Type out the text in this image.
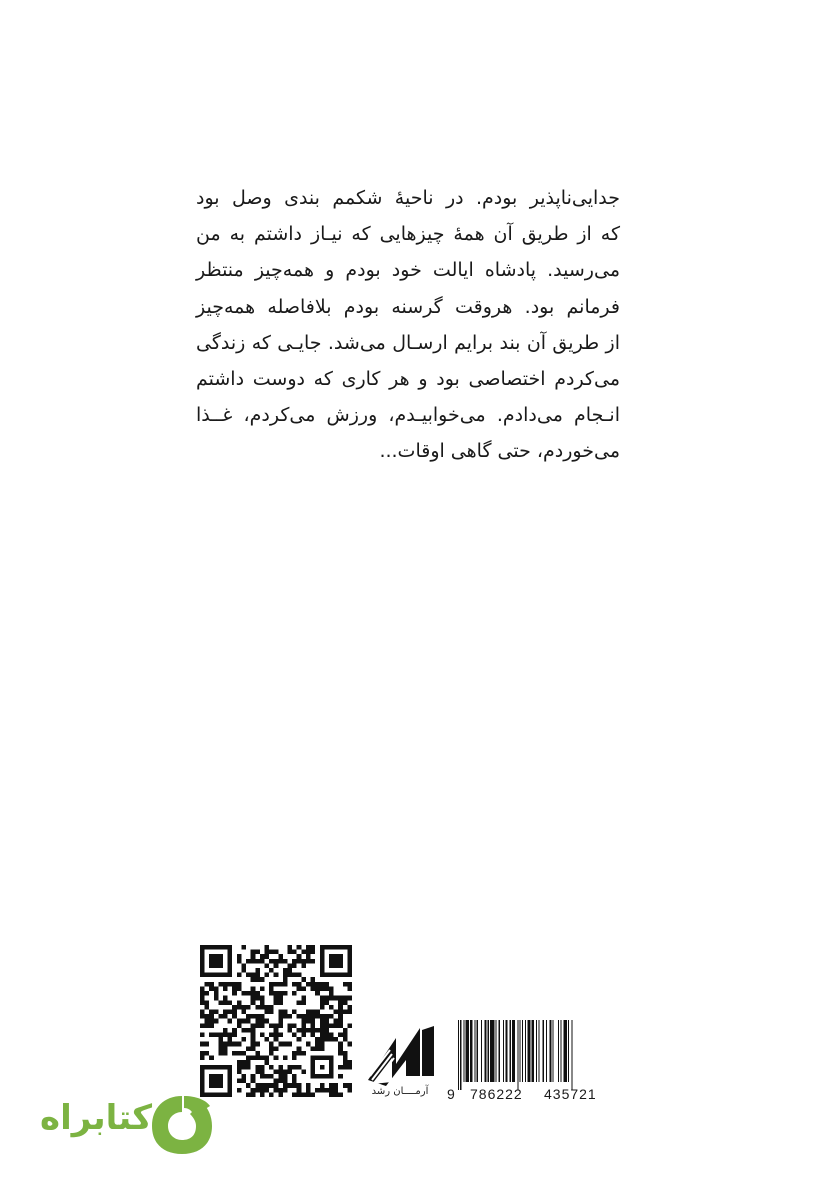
جدایی‌ناپذیر بودم. در ناحیهٔ شکمم بندی وصل بود
که از طریق آن همهٔ چیزهایی که نیـاز داشتم به من
می‌رسید. پادشاه ایالت خود بودم و همه‌چیز منتظر
فرمانم بود. هروقت گرسنه بودم بلافاصله همه‌چیز
از طریق آن بند برایم ارسـال می‌شد. جایـی که زندگی
می‌کردم اختصاصی بود و هر کاری که دوست داشتم
انـجام می‌دادم. می‌خوابیـدم، ورزش می‌کردم، غــذا
می‌خوردم، حتی گاهی اوقات...
آرمــــان رشد	9 786222 435721
کتابراه
